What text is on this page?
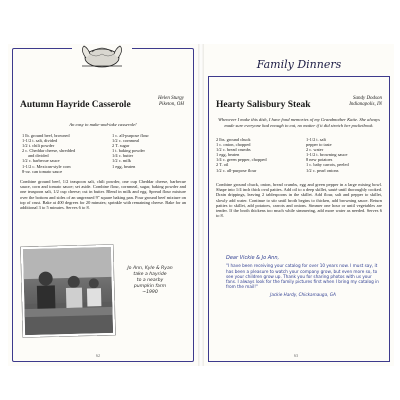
Autumn Hayride Casserole
Helen Sturgy
Piketon, OH
An easy to make-and-take casserole!
1 lb. ground beef, browned
1-1/2 t. salt, divided
1/2 t. chili powder
2 c. Cheddar cheese, shredded
and divided
1/2 c. barbecue sauce
1-1/2 c. Mexican-style corn
8-oz. can tomato sauce
1 c. all-purpose flour
1/2 c. cornmeal
2 T. sugar
1 t. baking powder
1/4 c. butter
1/2 c. milk
1 egg, beaten
Combine ground beef, 1/2 teaspoon salt, chili powder, one cup Cheddar cheese, barbecue sauce, corn and tomato sauce; set aside. Combine flour, cornmeal, sugar, baking powder and one teaspoon salt, 1/2 cup cheese; cut in butter. Blend in milk and egg. Spread flour mixture over the bottom and sides of an ungreased 9" square baking pan. Pour ground beef mixture on top of crust. Bake at 400 degrees for 20 minutes; sprinkle with remaining cheese. Bake for an additional 3 to 5 minutes. Serves 6 to 8.
Jo Ann, Kyle & Ryan
take a hayride
to a nearby
pumpkin farm
~1990
62
Family Dinners
Hearty Salisbury Steak
Sandy Dodson
Indianapolis, IN
Whenever I make this dish, I have fond memories of my Grandmother Katie. She always made sure everyone had enough to eat, no matter if it did stretch her pocketbook.
2 lbs. ground chuck
1 c. onion, chopped
1/2 c. bread crumbs
1 egg, beaten
1/4 c. green pepper, chopped
2 T. oil
1/2 c. all-purpose flour
1-1/2 t. salt
pepper to taste
2 c. water
1-1/2 t. browning sauce
8 new potatoes
1 c. baby carrots, peeled
1/2 c. pearl onions
Combine ground chuck, onion, bread crumbs, egg and green pepper in a large mixing bowl. Shape into 1/4 inch thick oval patties. Add oil to a deep skillet, sauté until thoroughly cooked. Drain drippings, leaving 2 tablespoons in the skillet. Add flour, salt and pepper to skillet, slowly add water. Continue to stir until broth begins to thicken, add browning sauce. Return patties to skillet, add potatoes, carrots and onions. Simmer one hour or until vegetables are tender. If the broth thickens too much while simmering, add more water as needed. Serves 6 to 8.
Dear Vickie & Jo Ann,
"I have been receiving your catalog for over 10 years now. I must say, it has been a pleasure to watch your company grow, but even more so, to see your children grow up. Thank you for sharing photos with us your fans. I always look for the family pictures first when I bring my catalog in from the mail!"
Jackie Hardy, Chickamauga, GA
63
